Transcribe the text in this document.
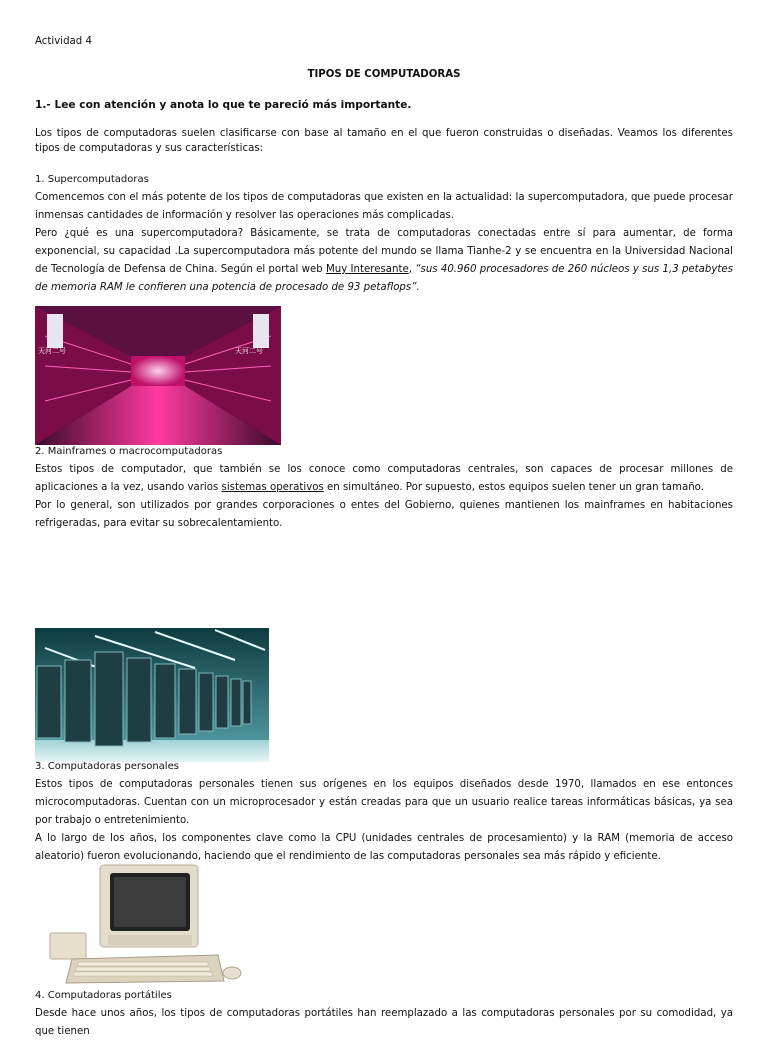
Actividad 4
TIPOS DE COMPUTADORAS
1.- Lee con atención y anota lo que te pareció más importante.
Los tipos de computadoras suelen clasificarse con base al tamaño en el que fueron construidas o diseñadas. Veamos los diferentes tipos de computadoras y sus características:
1. Supercomputadoras
Comencemos con el más potente de los tipos de computadoras que existen en la actualidad: la supercomputadora, que puede procesar inmensas cantidades de información y resolver las operaciones más complicadas.
Pero ¿qué es una supercomputadora? Básicamente, se trata de computadoras conectadas entre sí para aumentar, de forma exponencial, su capacidad .La supercomputadora más potente del mundo se llama Tianhe-2 y se encuentra en la Universidad Nacional de Tecnología de Defensa de China. Según el portal web Muy Interesante, “sus 40.960 procesadores de 260 núcleos y sus 1,3 petabytes de memoria RAM le confieren una potencia de procesado de 93 petaflops”.
天河二号	天河二号
2. Mainframes o macrocomputadoras
Estos tipos de computador, que también se los conoce como computadoras centrales, son capaces de procesar millones de aplicaciones a la vez, usando varios sistemas operativos en simultáneo. Por supuesto, estos equipos suelen tener un gran tamaño.
Por lo general, son utilizados por grandes corporaciones o entes del Gobierno, quienes mantienen los mainframes en habitaciones refrigeradas, para evitar su sobrecalentamiento.
3. Computadoras personales
Estos tipos de computadoras personales tienen sus orígenes en los equipos diseñados desde 1970, llamados en ese entonces microcomputadoras. Cuentan con un microprocesador y están creadas para que un usuario realice tareas informáticas básicas, ya sea por trabajo o entretenimiento.
A lo largo de los años, los componentes clave como la CPU (unidades centrales de procesamiento) y la RAM (memoria de acceso aleatorio) fueron evolucionando, haciendo que el rendimiento de las computadoras personales sea más rápido y eficiente.
4. Computadoras portátiles
Desde hace unos años, los tipos de computadoras portátiles han reemplazado a las computadoras personales por su comodidad, ya que tienen
